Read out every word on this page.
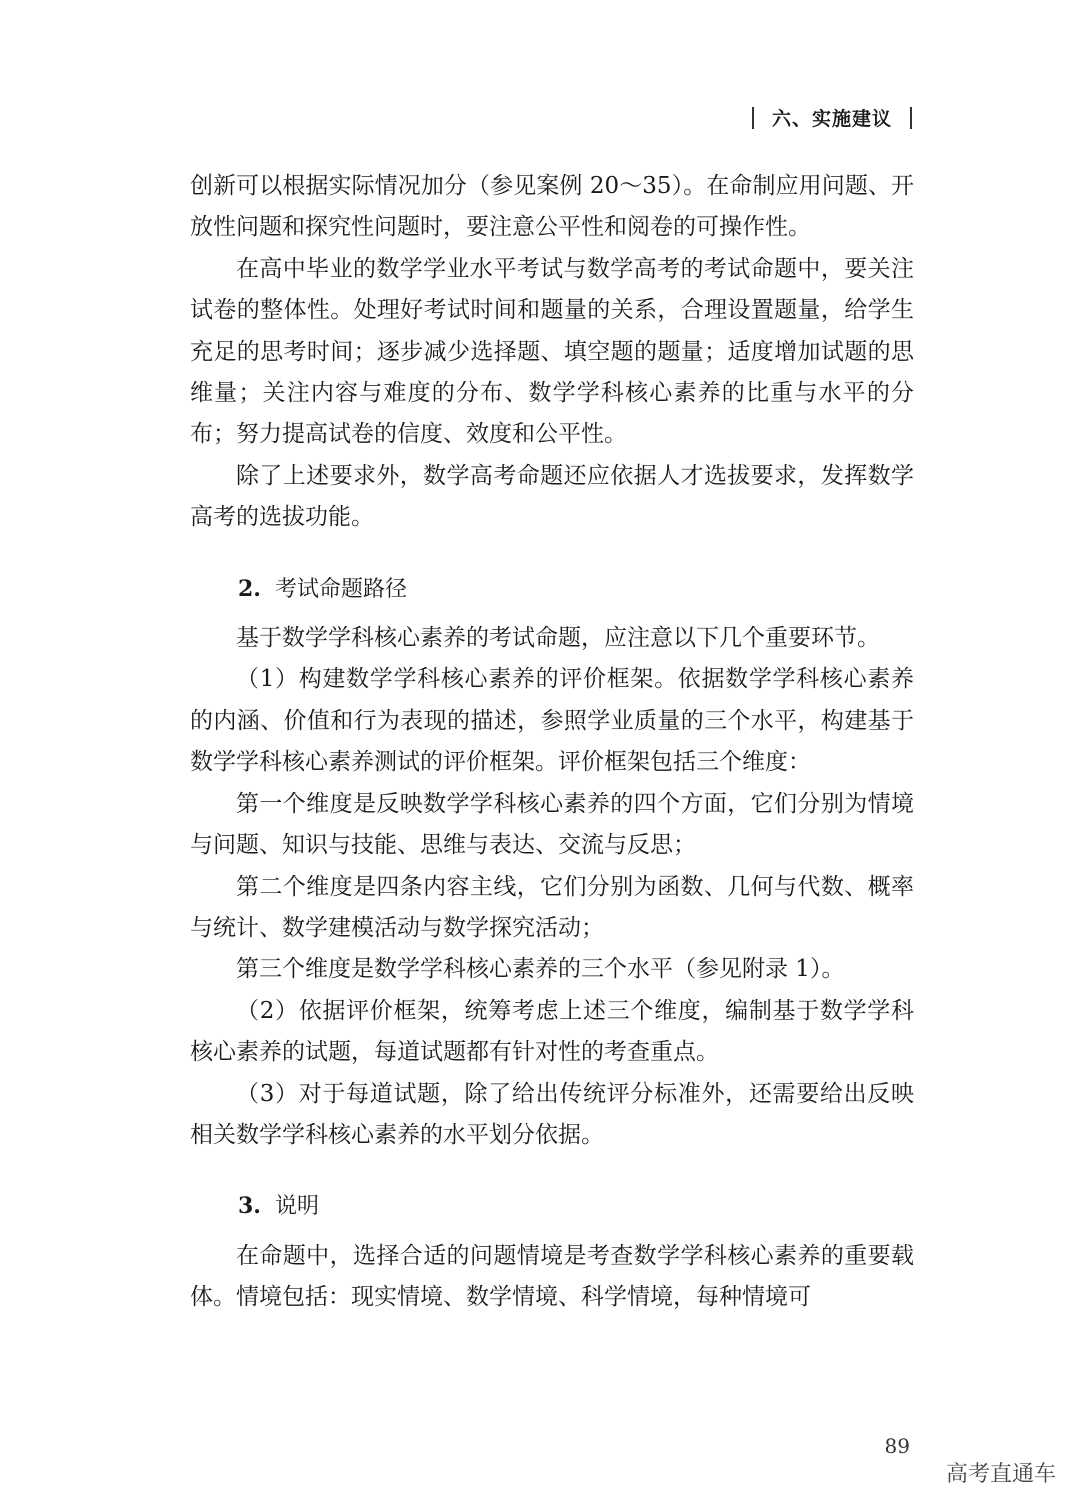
六、实施建议

创新可以根据实际情况加分（参见案例 20～35）。在命制应用问题、开放性问题和探究性问题时，要注意公平性和阅卷的可操作性。

在高中毕业的数学学业水平考试与数学高考的考试命题中，要关注试卷的整体性。处理好考试时间和题量的关系，合理设置题量，给学生充足的思考时间；逐步减少选择题、填空题的题量；适度增加试题的思维量；关注内容与难度的分布、数学学科核心素养的比重与水平的分布；努力提高试卷的信度、效度和公平性。

除了上述要求外，数学高考命题还应依据人才选拔要求，发挥数学高考的选拔功能。

2. 考试命题路径

基于数学学科核心素养的考试命题，应注意以下几个重要环节。

（1）构建数学学科核心素养的评价框架。依据数学学科核心素养的内涵、价值和行为表现的描述，参照学业质量的三个水平，构建基于数学学科核心素养测试的评价框架。评价框架包括三个维度：

第一个维度是反映数学学科核心素养的四个方面，它们分别为情境与问题、知识与技能、思维与表达、交流与反思；

第二个维度是四条内容主线，它们分别为函数、几何与代数、概率与统计、数学建模活动与数学探究活动；

第三个维度是数学学科核心素养的三个水平（参见附录 1）。

（2）依据评价框架，统筹考虑上述三个维度，编制基于数学学科核心素养的试题，每道试题都有针对性的考查重点。

（3）对于每道试题，除了给出传统评分标准外，还需要给出反映相关数学学科核心素养的水平划分依据。

3. 说明

在命题中，选择合适的问题情境是考查数学学科核心素养的重要载体。情境包括：现实情境、数学情境、科学情境，每种情境可

89
高考直通车
